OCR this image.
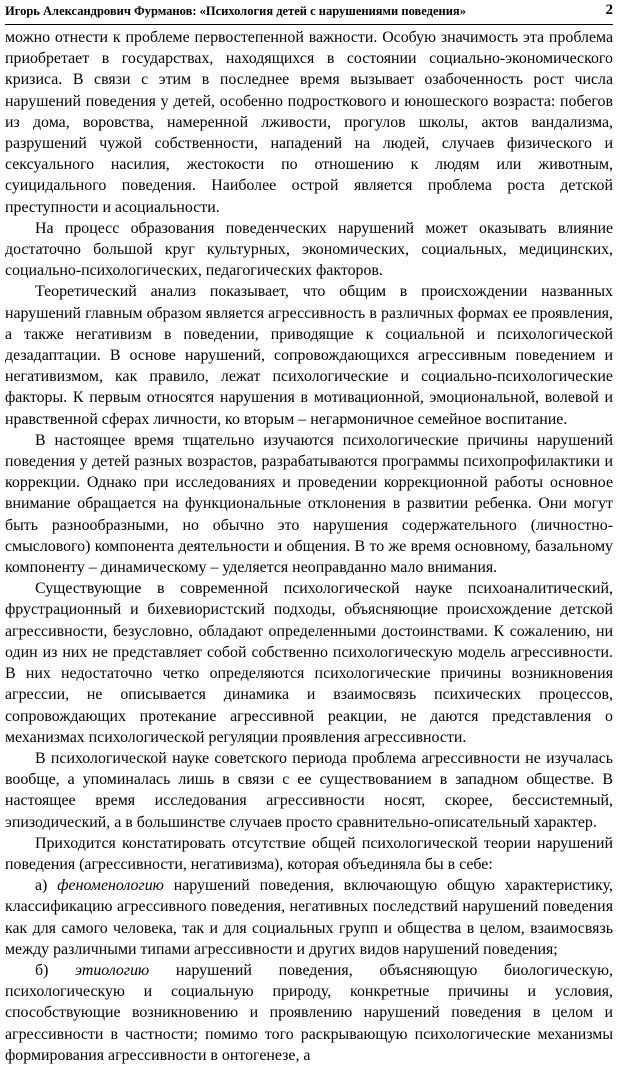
Игорь Александрович Фурманов: «Психология детей с нарушениями поведения»	2

можно отнести к проблеме первостепенной важности. Особую значимость эта проблема приобретает в государствах, находящихся в состоянии социально-экономического кризиса. В связи с этим в последнее время вызывает озабоченность рост числа нарушений поведения у детей, особенно подросткового и юношеского возраста: побегов из дома, воровства, намеренной лживости, прогулов школы, актов вандализма, разрушений чужой собственности, нападений на людей, случаев физического и сексуального насилия, жестокости по отношению к людям или животным, суицидального поведения. Наиболее острой является проблема роста детской преступности и асоциальности.

На процесс образования поведенческих нарушений может оказывать влияние достаточно большой круг культурных, экономических, социальных, медицинских, социально-психологических, педагогических факторов.

Теоретический анализ показывает, что общим в происхождении названных нарушений главным образом является агрессивность в различных формах ее проявления, а также негативизм в поведении, приводящие к социальной и психологической дезадаптации. В основе нарушений, сопровождающихся агрессивным поведением и негативизмом, как правило, лежат психологические и социально-психологические факторы. К первым относятся нарушения в мотивационной, эмоциональной, волевой и нравственной сферах личности, ко вторым – негармоничное семейное воспитание.

В настоящее время тщательно изучаются психологические причины нарушений поведения у детей разных возрастов, разрабатываются программы психопрофилактики и коррекции. Однако при исследованиях и проведении коррекционной работы основное внимание обращается на функциональные отклонения в развитии ребенка. Они могут быть разнообразными, но обычно это нарушения содержательного (личностно-смыслового) компонента деятельности и общения. В то же время основному, базальному компоненту – динамическому – уделяется неоправданно мало внимания.

Существующие в современной психологической науке психоаналитический, фрустрационный и бихевиористский подходы, объясняющие происхождение детской агрессивности, безусловно, обладают определенными достоинствами. К сожалению, ни один из них не представляет собой собственно психологическую модель агрессивности. В них недостаточно четко определяются психологические причины возникновения агрессии, не описывается динамика и взаимосвязь психических процессов, сопровождающих протекание агрессивной реакции, не даются представления о механизмах психологической регуляции проявления агрессивности.

В психологической науке советского периода проблема агрессивности не изучалась вообще, а упоминалась лишь в связи с ее существованием в западном обществе. В настоящее время исследования агрессивности носят, скорее, бессистемный, эпизодический, а в большинстве случаев просто сравнительно-описательный характер.

Приходится констатировать отсутствие общей психологической теории нарушений поведения (агрессивности, негативизма), которая объединяла бы в себе:

а) феноменологию нарушений поведения, включающую общую характеристику, классификацию агрессивного поведения, негативных последствий нарушений поведения как для самого человека, так и для социальных групп и общества в целом, взаимосвязь между различными типами агрессивности и других видов нарушений поведения;

б) этиологию нарушений поведения, объясняющую биологическую, психологическую и социальную природу, конкретные причины и условия, способствующие возникновению и проявлению нарушений поведения в целом и агрессивности в частности; помимо того раскрывающую психологические механизмы формирования агрессивности в онтогенезе, а
